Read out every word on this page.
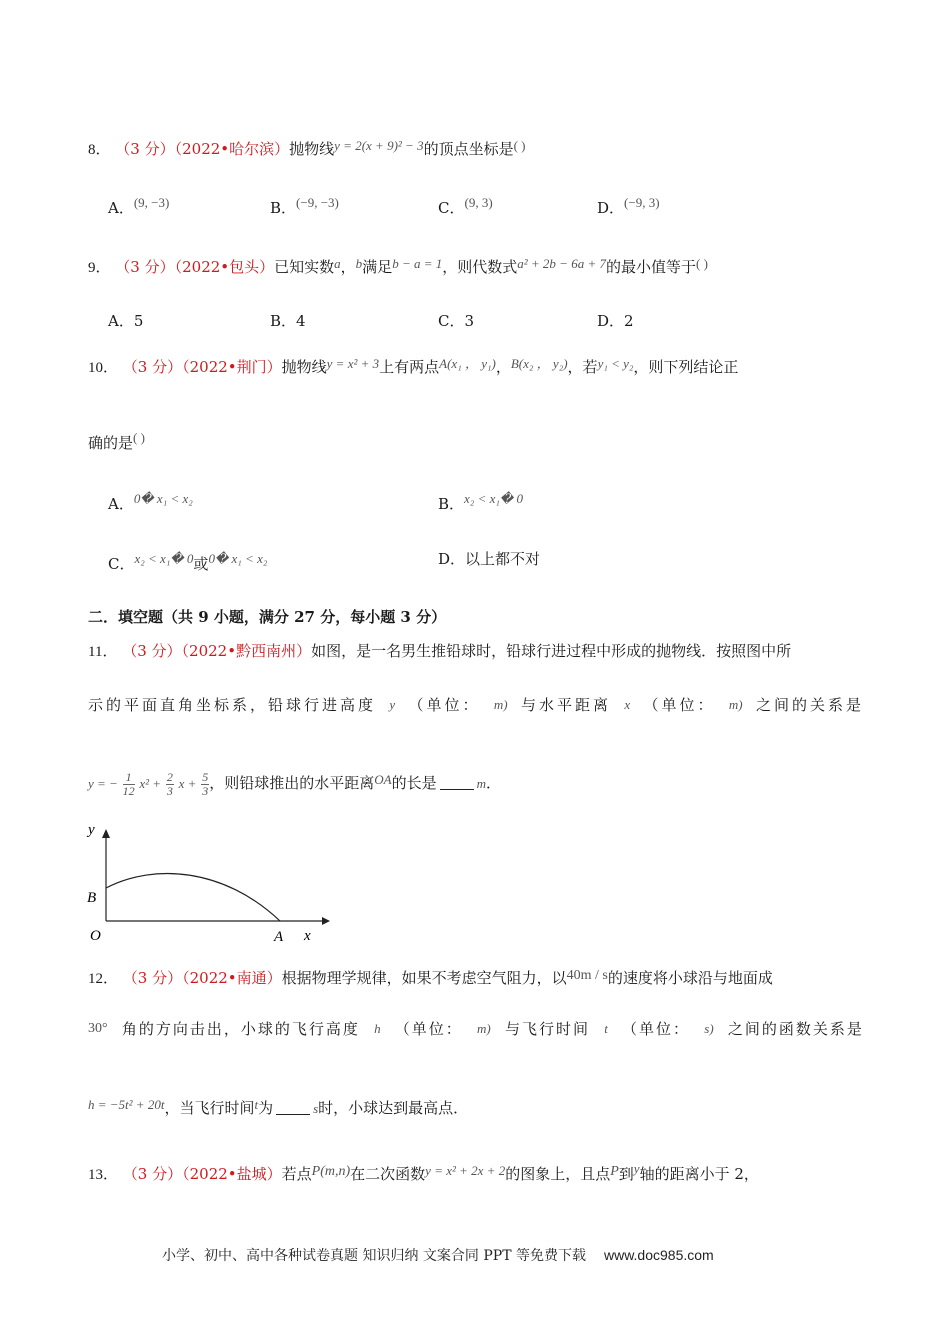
8． （3 分）（2022•哈尔滨）抛物线y = 2(x + 9)² − 3的顶点坐标是( )
A．(9, −3)	B．(−9, −3)	C．(9, 3)	D．(−9, 3)
9． （3 分）（2022•包头）已知实数a，b满足b − a = 1，则代数式a² + 2b − 6a + 7的最小值等于( )
A．5	B．4	C．3	D．2
10． （3 分）（2022•荆门）抛物线y = x² + 3上有两点A(x₁ ， y₁)，B(x₂ ， y₂)，若y₁ < y₂，则下列结论正
确的是( )
A．0� x₁ < x₂	B．x₂ < x₁� 0
C．x₂ < x₁� 0或0� x₁ < x₂	D．以上都不对
二．填空题（共 9 小题，满分 27 分，每小题 3 分）
11． （3 分）（2022•黔西南州）如图，是一名男生推铅球时，铅球行进过程中形成的抛物线．按照图中所
示的平面直角坐标系，铅球行进高度 y （单位： m) 与水平距离 x （单位： m) 之间的关系是
y = − $\frac{1}{12} x^2 + \frac{2}{3}$ $x + \frac{5}{3}$ ，则铅球推出的水平距离OA的长是	m．
y
x
O	A
B
12． （3 分）（2022•南通）根据物理学规律，如果不考虑空气阻力，以40m / s的速度将小球沿与地面成
30° 角的方向击出，小球的飞行高度 h （单位： m) 与飞行时间 t （单位： s) 之间的函数关系是
h = −5t² + 20t，当飞行时间t为	s时，小球达到最高点．
13． （3 分）（2022•盐城）若点P(m,n)在二次函数y = x² + 2x + 2的图象上，且点P到y轴的距离小于 2，
小学、初中、高中各种试卷真题 知识归纳 文案合同 PPT 等免费下载 www.doc985.com
